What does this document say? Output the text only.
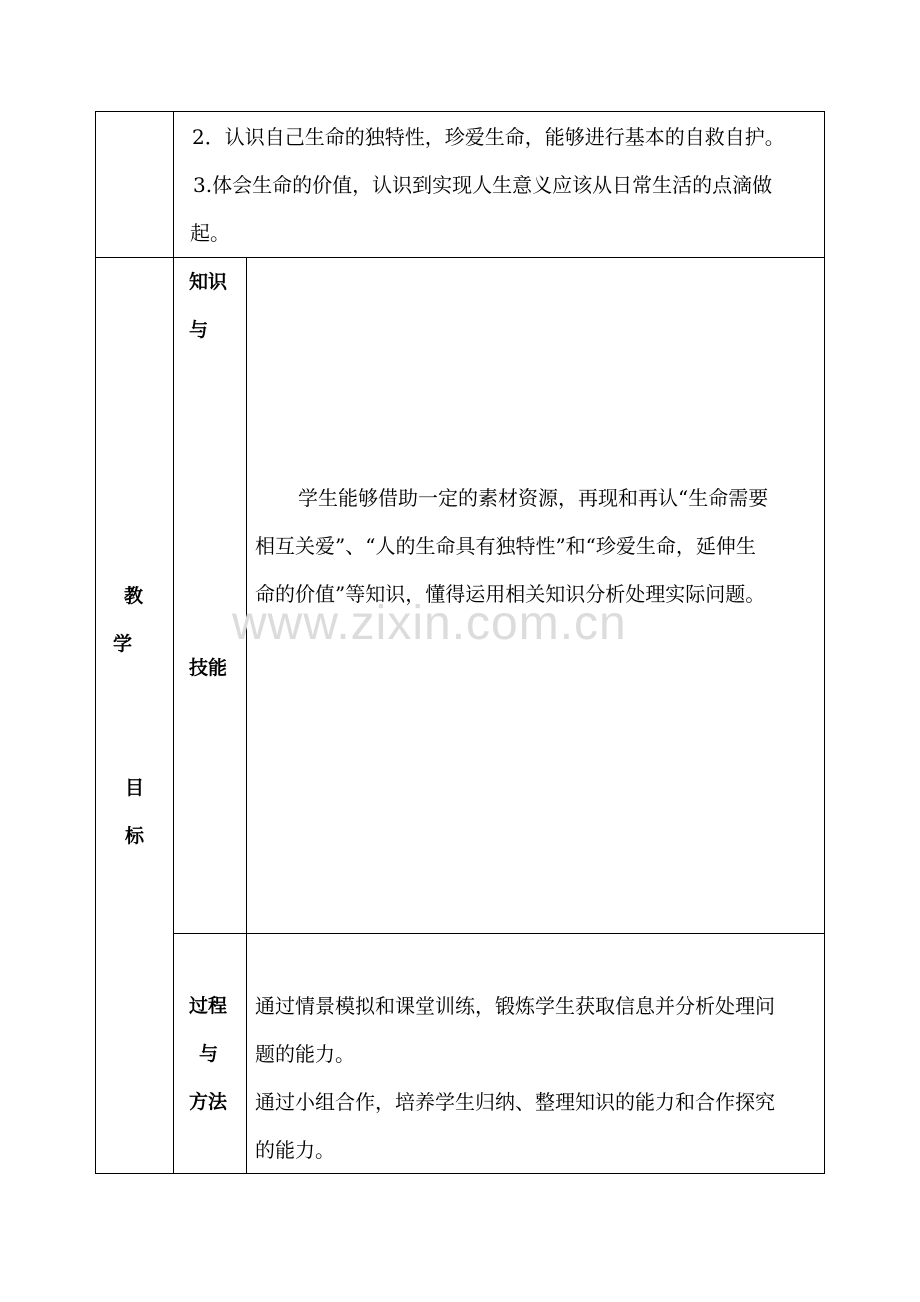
2．认识自己生命的独特性，珍爱生命，能够进行基本的自救自护。
3.体会生命的价值，认识到实现人生意义应该从日常生活的点滴做
起。
教
学
目
标
知识
与
技能
学生能够借助一定的素材资源，再现和再认“生命需要
相互关爱”、“人的生命具有独特性”和“珍爱生命，延伸生
命的价值”等知识，懂得运用相关知识分析处理实际问题。
过程
与
方法
通过情景模拟和课堂训练，锻炼学生获取信息并分析处理问
题的能力。
通过小组合作，培养学生归纳、整理知识的能力和合作探究
的能力。
www.zixin.com.cn
